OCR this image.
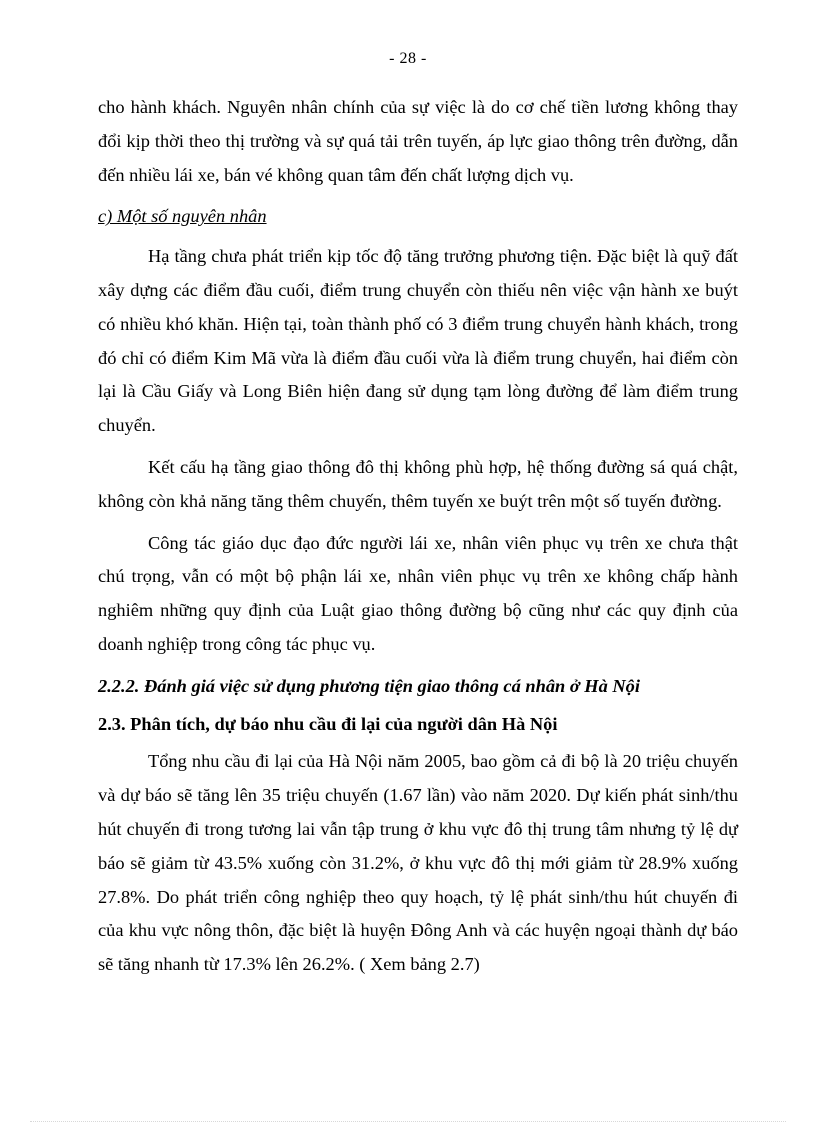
- 28 -

cho hành khách. Nguyên nhân chính của sự việc là do cơ chế tiền lương không thay đổi kịp thời theo thị trường và sự quá tải trên tuyến, áp lực giao thông trên đường, dẫn đến nhiều lái xe, bán vé không quan tâm đến chất lượng dịch vụ.

c) Một số nguyên nhân

Hạ tầng chưa phát triển kịp tốc độ tăng trưởng phương tiện. Đặc biệt là quỹ đất xây dựng các điểm đầu cuối, điểm trung chuyển còn thiếu nên việc vận hành xe buýt có nhiều khó khăn. Hiện tại, toàn thành phố có 3 điểm trung chuyển hành khách, trong đó chỉ có điểm Kim Mã vừa là điểm đầu cuối vừa là điểm trung chuyển, hai điểm còn lại là Cầu Giấy và Long Biên hiện đang sử dụng tạm lòng đường để làm điểm trung chuyển.

Kết cấu hạ tầng giao thông đô thị không phù hợp, hệ thống đường sá quá chật, không còn khả năng tăng thêm chuyến, thêm tuyến xe buýt trên một số tuyến đường.

Công tác giáo dục đạo đức người lái xe, nhân viên phục vụ trên xe chưa thật chú trọng, vẫn có một bộ phận lái xe, nhân viên phục vụ trên xe không chấp hành nghiêm những quy định của Luật giao thông đường bộ cũng như các quy định của doanh nghiệp trong công tác phục vụ.

2.2.2. Đánh giá việc sử dụng phương tiện giao thông cá nhân ở Hà Nội

2.3. Phân tích, dự báo nhu cầu đi lại của người dân Hà Nội

Tổng nhu cầu đi lại của Hà Nội năm 2005, bao gồm cả đi bộ là 20 triệu chuyến và dự báo sẽ tăng lên 35 triệu chuyến (1.67 lần) vào năm 2020. Dự kiến phát sinh/thu hút chuyến đi trong tương lai vẫn tập trung ở khu vực đô thị trung tâm nhưng tỷ lệ dự báo sẽ giảm từ 43.5% xuống còn 31.2%, ở khu vực đô thị mới giảm từ 28.9% xuống 27.8%. Do phát triển công nghiệp theo quy hoạch, tỷ lệ phát sinh/thu hút chuyến đi của khu vực nông thôn, đặc biệt là huyện Đông Anh và các huyện ngoại thành dự báo sẽ tăng nhanh từ 17.3% lên 26.2%. ( Xem bảng 2.7)
